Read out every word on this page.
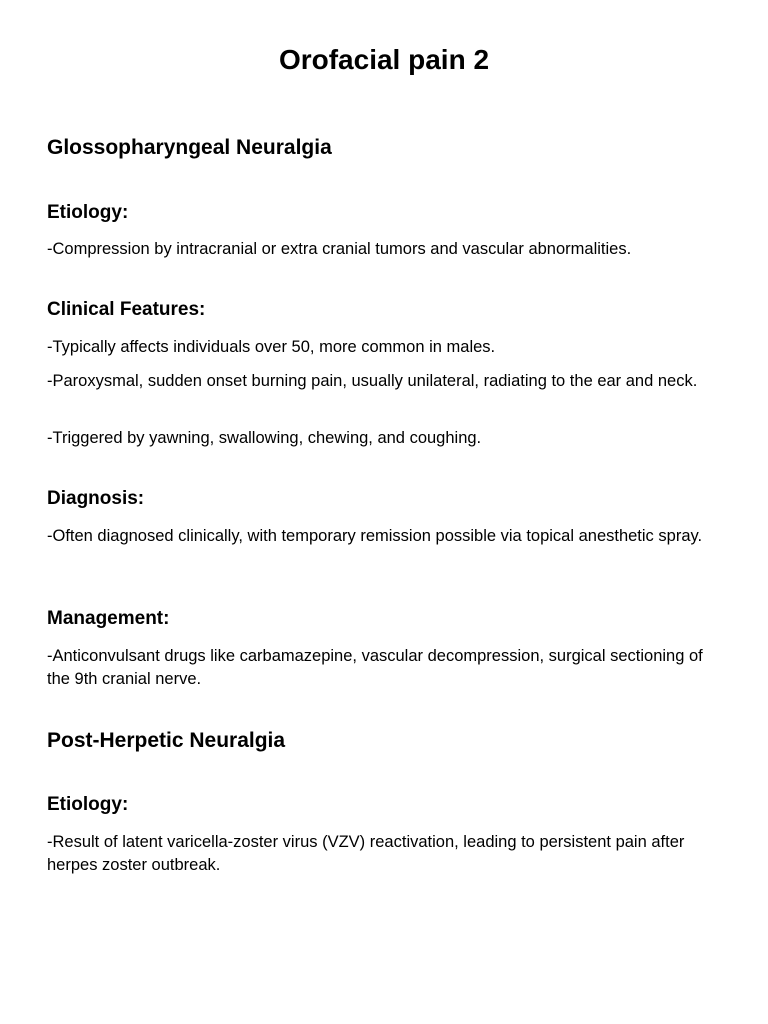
Orofacial pain 2
Glossopharyngeal Neuralgia
Etiology:

-Compression by intracranial or extra cranial tumors and vascular abnormalities.

Clinical Features:

-Typically affects individuals over 50, more common in males.

-Paroxysmal, sudden onset burning pain, usually unilateral, radiating to the ear and neck.

-Triggered by yawning, swallowing, chewing, and coughing.

Diagnosis:

-Often diagnosed clinically, with temporary remission possible via topical anesthetic spray.

Management:

-Anticonvulsant drugs like carbamazepine, vascular decompression, surgical sectioning of the 9th cranial nerve.

Post-Herpetic Neuralgia
Etiology:

-Result of latent varicella-zoster virus (VZV) reactivation, leading to persistent pain after herpes zoster outbreak.
